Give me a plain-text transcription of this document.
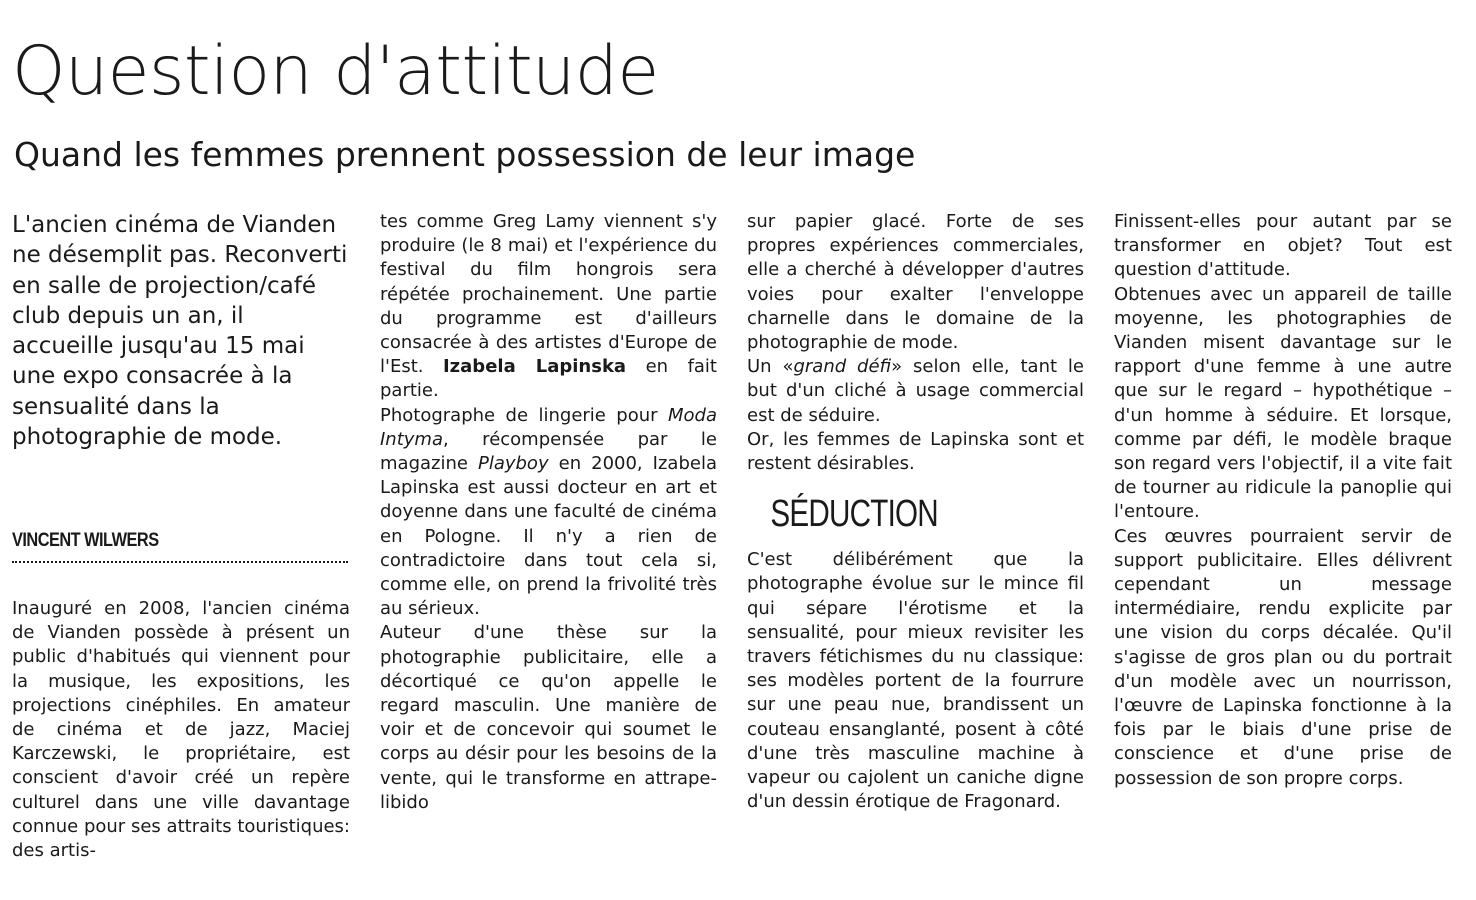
Question d'attitude
Quand les femmes prennent possession de leur image

L'ancien cinéma de Vianden ne désemplit pas. Reconverti en salle de projection/café club depuis un an, il accueille jusqu'au 15 mai une expo consacrée à la sensualité dans la photographie de mode.

VINCENT WILWERS

Inauguré en 2008, l'ancien cinéma de Vianden possède à présent un public d'habitués qui viennent pour la musique, les expositions, les projections cinéphiles. En amateur de cinéma et de jazz, Maciej Karczewski, le propriétaire, est conscient d'avoir créé un repère culturel dans une ville davantage connue pour ses attraits touristiques: des artis-

tes comme Greg Lamy viennent s'y produire (le 8 mai) et l'expérience du festival du film hongrois sera répétée prochainement. Une partie du programme est d'ailleurs consacrée à des artistes d'Europe de l'Est. Izabela Lapinska en fait partie.

Photographe de lingerie pour Moda Intyma, récompensée par le magazine Playboy en 2000, Izabela Lapinska est aussi docteur en art et doyenne dans une faculté de cinéma en Pologne. Il n'y a rien de contradictoire dans tout cela si, comme elle, on prend la frivolité très au sérieux.

Auteur d'une thèse sur la photographie publicitaire, elle a décortiqué ce qu'on appelle le regard masculin. Une manière de voir et de concevoir qui soumet le corps au désir pour les besoins de la vente, qui le transforme en attrape-libido

sur papier glacé. Forte de ses propres expériences commerciales, elle a cherché à développer d'autres voies pour exalter l'enveloppe charnelle dans le domaine de la photographie de mode.

Un «grand défi» selon elle, tant le but d'un cliché à usage commercial est de séduire.

Or, les femmes de Lapinska sont et restent désirables.

SÉDUCTION

C'est délibérément que la photographe évolue sur le mince fil qui sépare l'érotisme et la sensualité, pour mieux revisiter les travers fétichismes du nu classique: ses modèles portent de la fourrure sur une peau nue, brandissent un couteau ensanglanté, posent à côté d'une très masculine machine à vapeur ou cajolent un caniche digne d'un dessin érotique de Fragonard.

Finissent-elles pour autant par se transformer en objet? Tout est question d'attitude.

Obtenues avec un appareil de taille moyenne, les photographies de Vianden misent davantage sur le rapport d'une femme à une autre que sur le regard – hypothétique – d'un homme à séduire. Et lorsque, comme par défi, le modèle braque son regard vers l'objectif, il a vite fait de tourner au ridicule la panoplie qui l'entoure.

Ces œuvres pourraient servir de support publicitaire. Elles délivrent cependant un message intermédiaire, rendu explicite par une vision du corps décalée. Qu'il s'agisse de gros plan ou du portrait d'un modèle avec un nourrisson, l'œuvre de Lapinska fonctionne à la fois par le biais d'une prise de conscience et d'une prise de possession de son propre corps.
